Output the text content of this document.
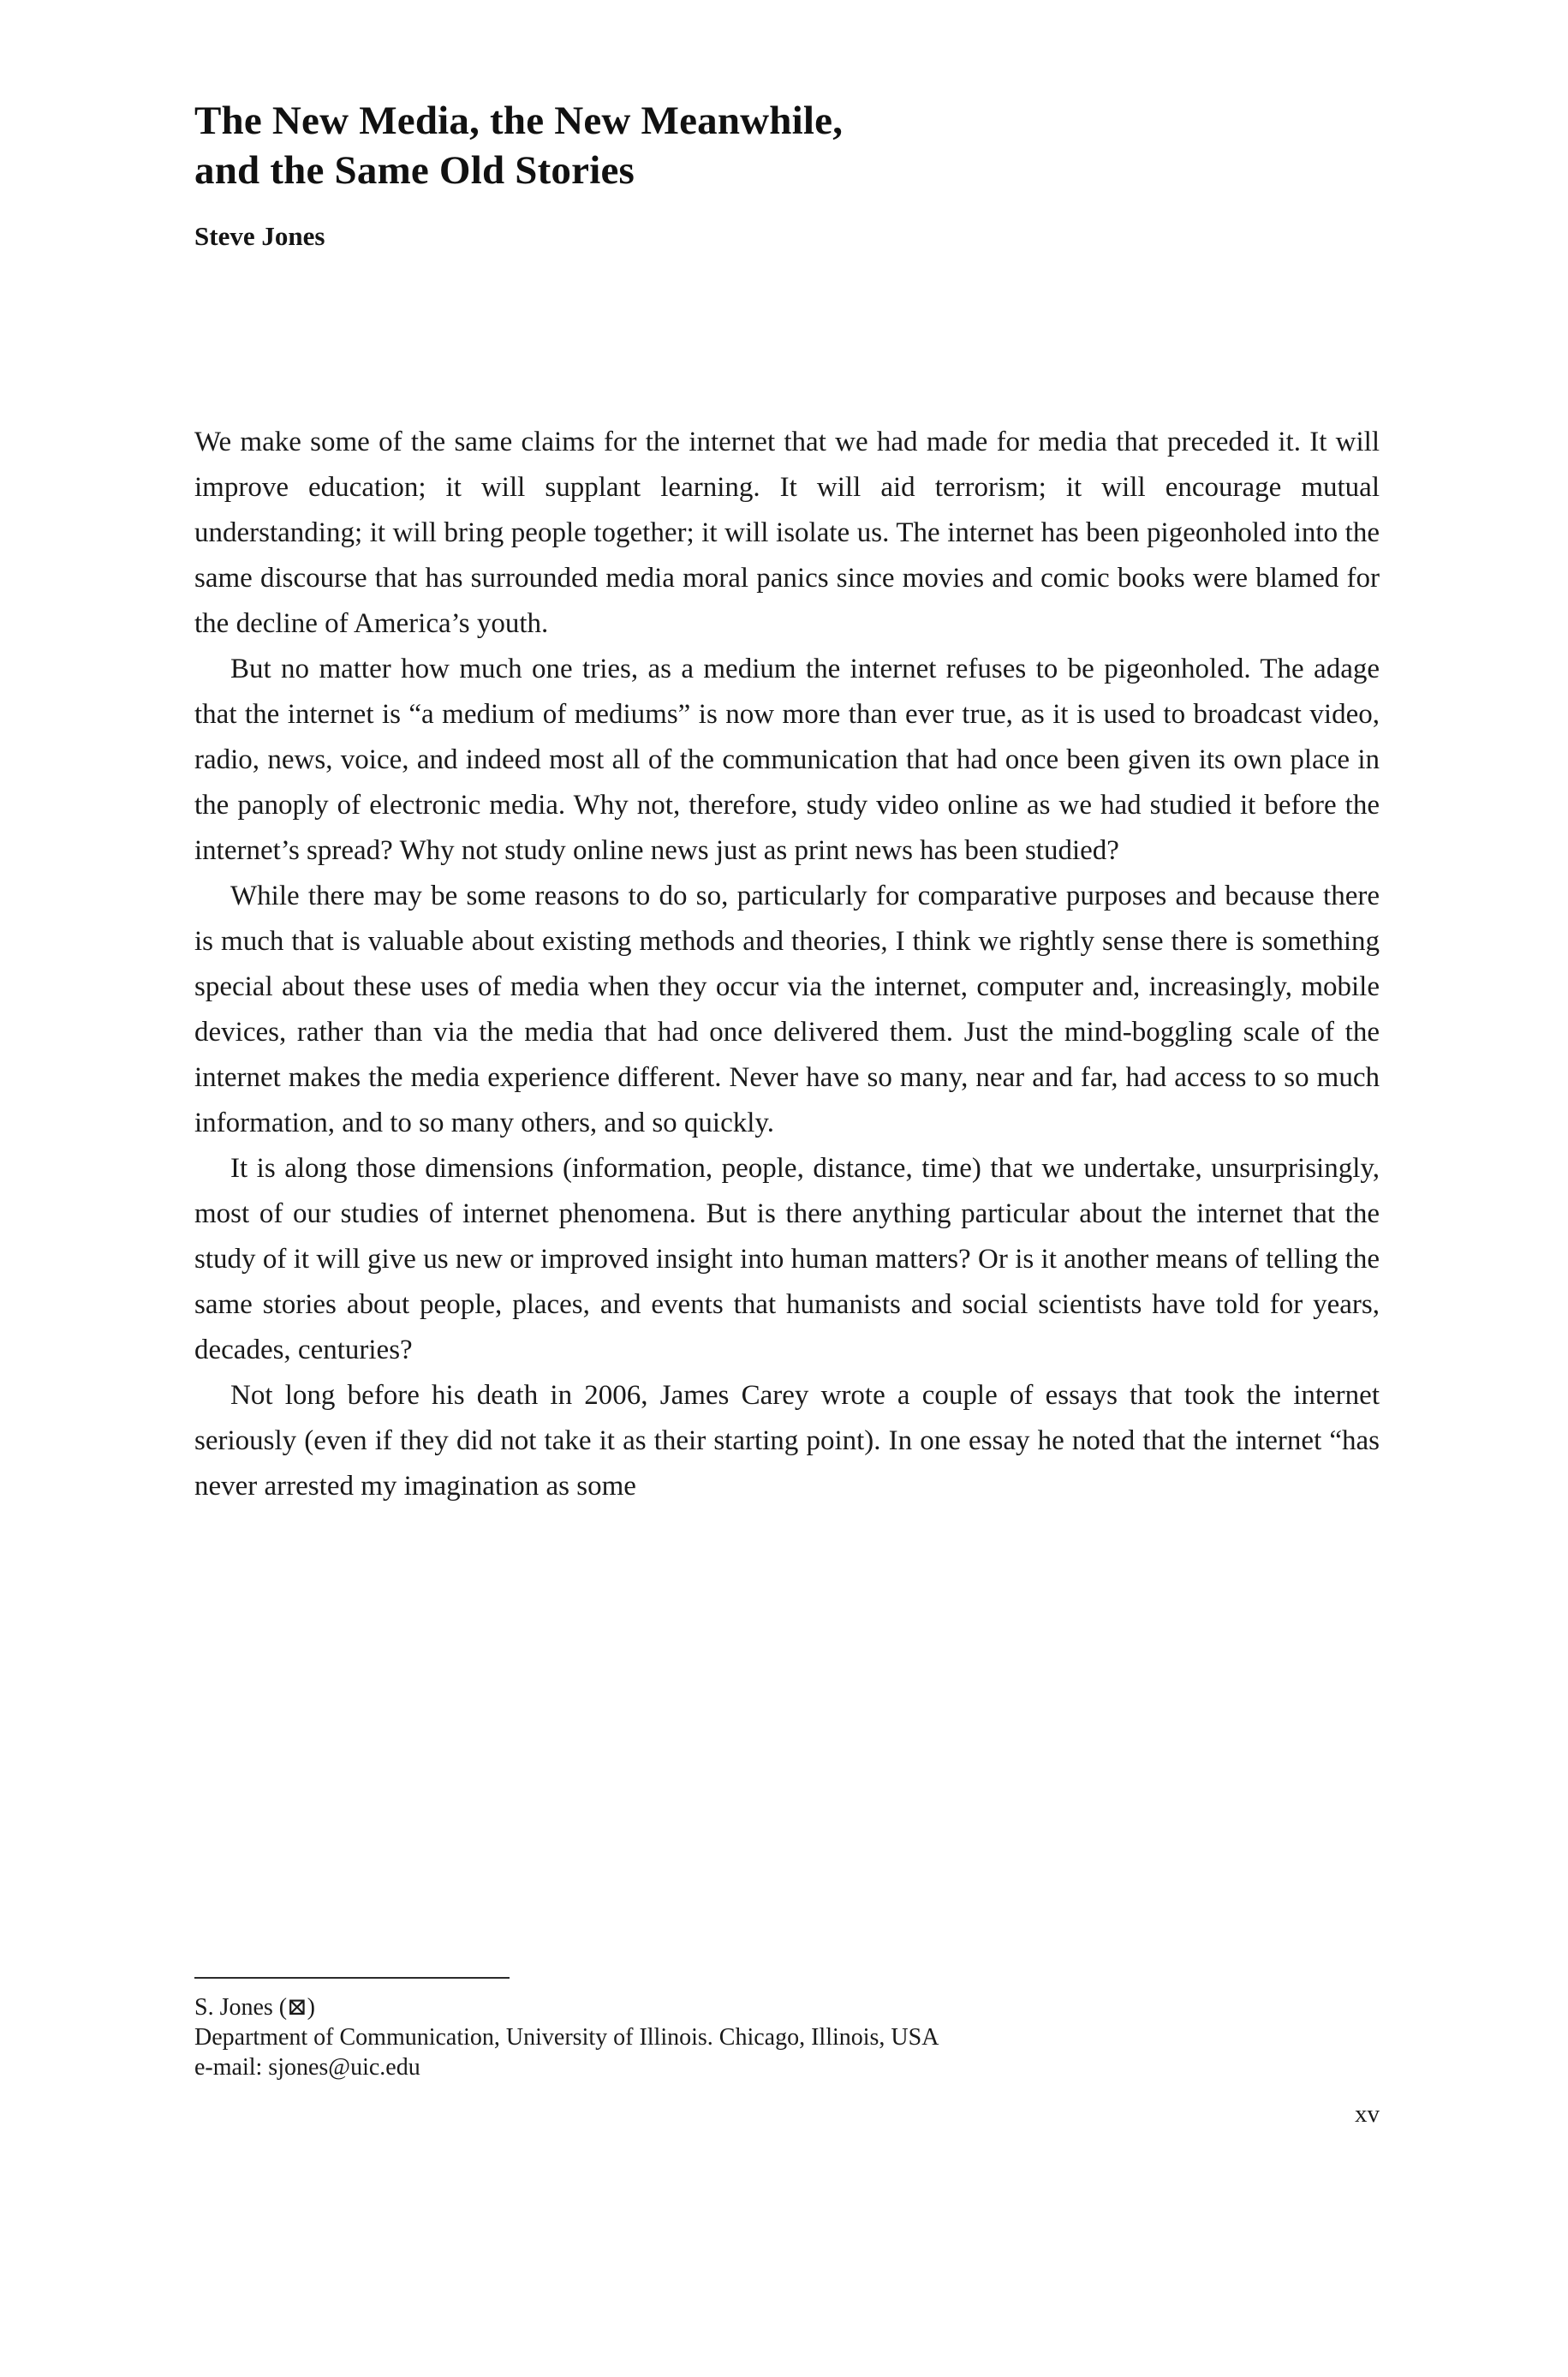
The New Media, the New Meanwhile,
and the Same Old Stories
Steve Jones

We make some of the same claims for the internet that we had made for media that preceded it. It will improve education; it will supplant learning. It will aid terrorism; it will encourage mutual understanding; it will bring people together; it will isolate us. The internet has been pigeonholed into the same discourse that has surrounded media moral panics since movies and comic books were blamed for the decline of America’s youth.

But no matter how much one tries, as a medium the internet refuses to be pigeonholed. The adage that the internet is “a medium of mediums” is now more than ever true, as it is used to broadcast video, radio, news, voice, and indeed most all of the communication that had once been given its own place in the panoply of electronic media. Why not, therefore, study video online as we had studied it before the internet’s spread? Why not study online news just as print news has been studied?

While there may be some reasons to do so, particularly for comparative purposes and because there is much that is valuable about existing methods and theories, I think we rightly sense there is something special about these uses of media when they occur via the internet, computer and, increasingly, mobile devices, rather than via the media that had once delivered them. Just the mind-boggling scale of the internet makes the media experience different. Never have so many, near and far, had access to so much information, and to so many others, and so quickly.

It is along those dimensions (information, people, distance, time) that we undertake, unsurprisingly, most of our studies of internet phenomena. But is there anything particular about the internet that the study of it will give us new or improved insight into human matters? Or is it another means of telling the same stories about people, places, and events that humanists and social scientists have told for years, decades, centuries?

Not long before his death in 2006, James Carey wrote a couple of essays that took the internet seriously (even if they did not take it as their starting point). In one essay he noted that the internet “has never arrested my imagination as some

S. Jones (⊠)
Department of Communication, University of Illinois. Chicago, Illinois, USA
e-mail: sjones@uic.edu
xv
